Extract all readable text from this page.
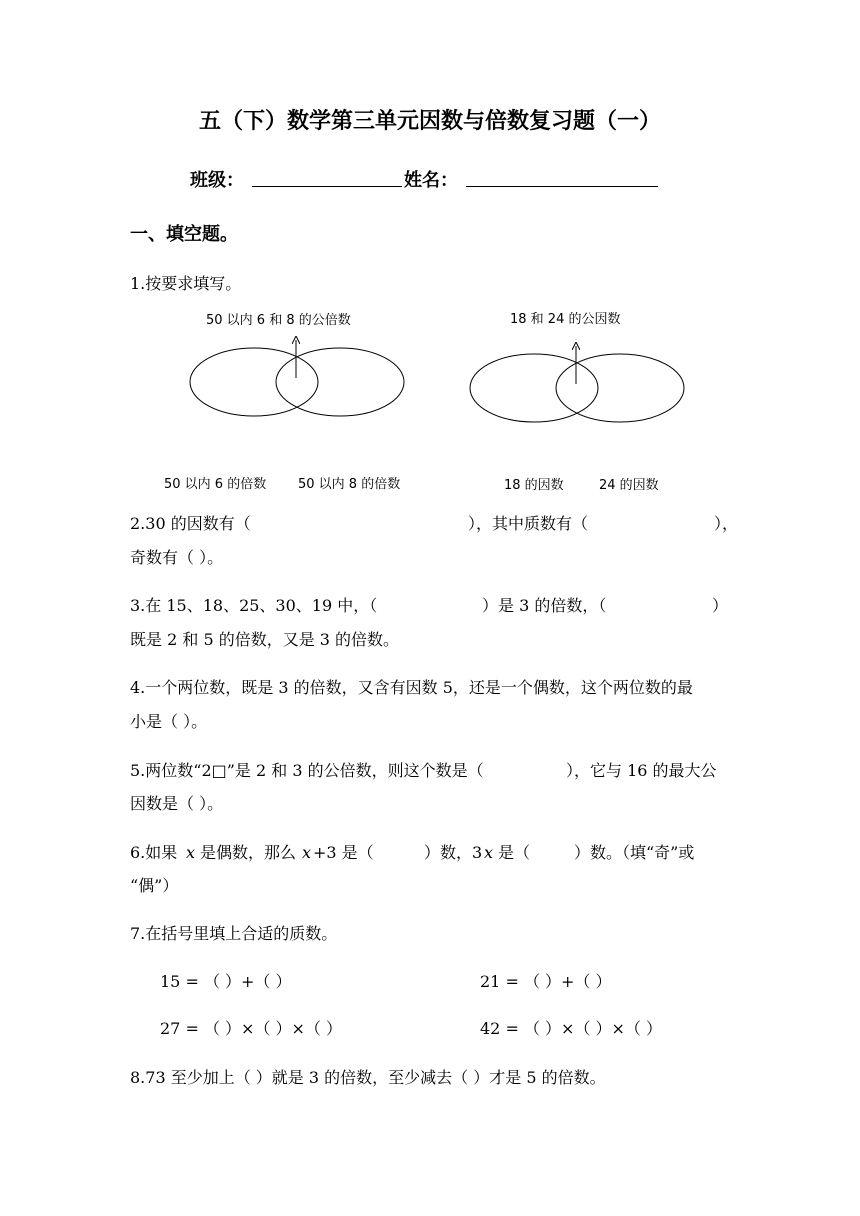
五（下）数学第三单元因数与倍数复习题（一）
班级：	姓名：
一、填空题。
1.按要求填写。
50 以内 6 和 8 的公倍数
50 以内 6 的倍数 50 以内 8 的倍数
18 和 24 的公因数
18 的因数	24 的因数
2.30 的因数有（	），其中质数有（	），
奇数有（ ）。
3.在 15、18、25、30、19 中，（	）是 3 的倍数，（	）
既是 2 和 5 的倍数，又是 3 的倍数。
4.一个两位数，既是 3 的倍数，又含有因数 5，还是一个偶数，这个两位数的最
小是（ ）。
5.两位数“2□”是 2 和 3 的公倍数，则这个数是（	），它与 16 的最大公
因数是（ ）。
6.如果 x 是偶数，那么 x +3 是（	）数，3 x 是（	）数。（填“奇”或
“偶”）
7.在括号里填上合适的质数。
15 = （ ）+（ ）	21 = （ ）+（ ）
27 = （ ）×（ ）×（ ）	42 = （ ）×（ ）×（ ）
8.73 至少加上（ ）就是 3 的倍数，至少减去（ ）才是 5 的倍数。
